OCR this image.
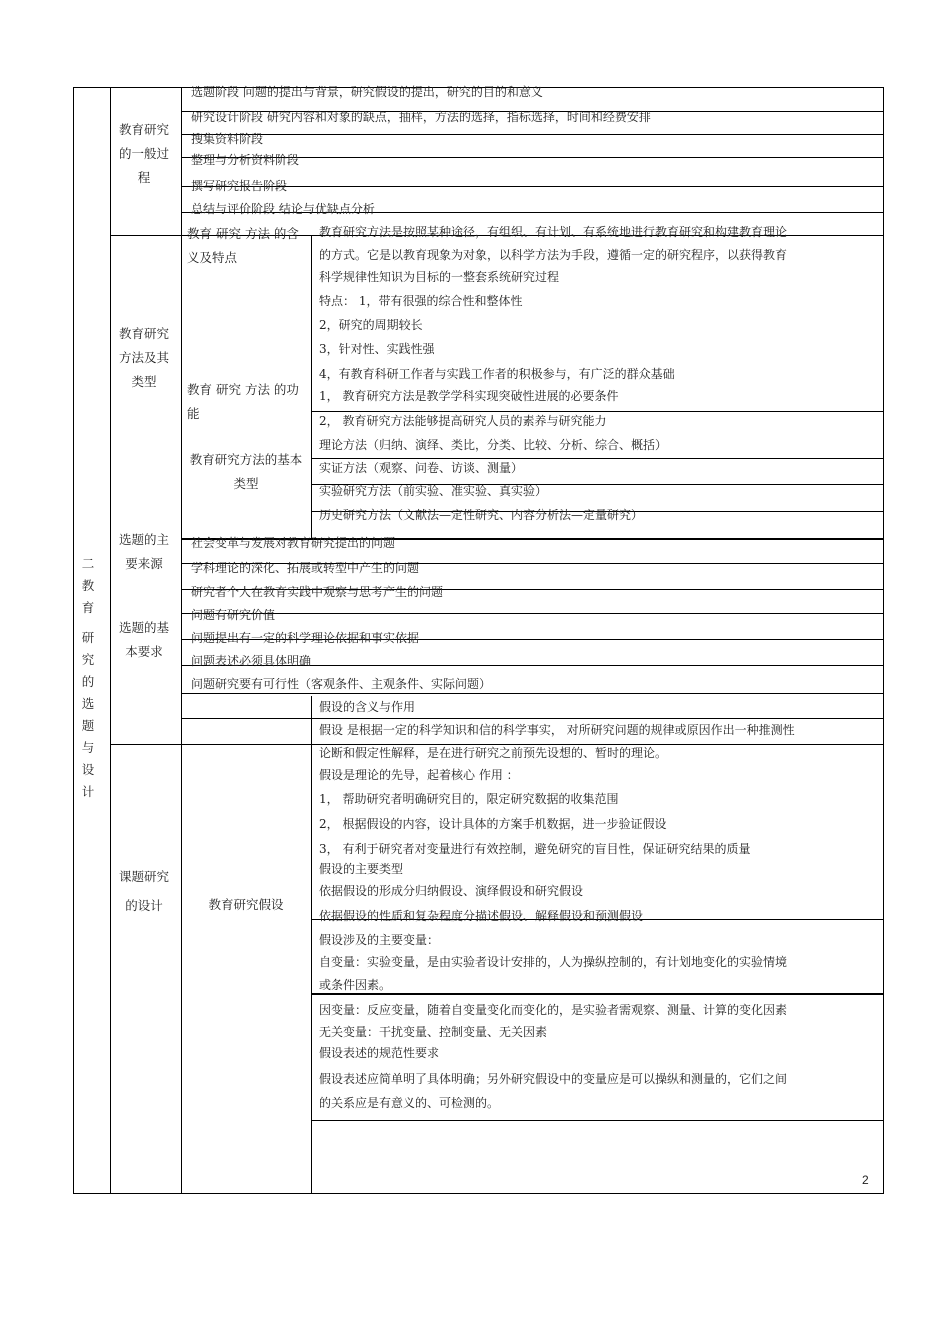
二
教
育
研
究
的
选
题
与
设
计
教育研究的一般过程
教育研究方法及其类型
选题的主要来源
选题的基本要求
课题研究的设计
教育 研究 方法 的含义及特点
教育 研究 方法 的功能
教育研究方法的基本类型
教育研究假设
选题阶段 问题的提出与背景，研究假设的提出，研究的目的和意义
研究设计阶段 研究内容和对象的缺点，抽样，方法的选择，指标选择，时间和经费安排
搜集资料阶段
整理与分析资料阶段
撰写研究报告阶段
总结与评价阶段 结论与优缺点分析
教育研究方法是按照某种途径，有组织、有计划、有系统地进行教育研究和构建教育理论
的方式。它是以教育现象为对象，以科学方法为手段，遵循一定的研究程序，以获得教育
科学规律性知识为目标的一整套系统研究过程
特点： 1，带有很强的综合性和整体性
2，研究的周期较长
3，针对性、实践性强
4，有教育科研工作者与实践工作者的积极参与，有广泛的群众基础
1， 教育研究方法是教学学科实现突破性进展的必要条件
2， 教育研究方法能够提高研究人员的素养与研究能力
理论方法（归纳、演绎、类比，分类、比较、分析、综合、概括）
实证方法（观察、问卷、访谈、测量）
实验研究方法（前实验、准实验、真实验）
历史研究方法（文献法—定性研究、内容分析法—定量研究）
社会变革与发展对教育研究提出的问题
学科理论的深化、拓展或转型中产生的问题
研究者个人在教育实践中观察与思考产生的问题
问题有研究价值
问题提出有一定的科学理论依据和事实依据
问题表述必须具体明确
问题研究要有可行性（客观条件、主观条件、实际问题）
假设的含义与作用
假设 是根据一定的科学知识和信的科学事实， 对所研究问题的规律或原因作出一种推测性
论断和假定性解释，是在进行研究之前预先设想的、暂时的理论。
假设是理论的先导，起着核心 作用 ：
1， 帮助研究者明确研究目的，限定研究数据的收集范围
2， 根据假设的内容，设计具体的方案手机数据，进一步验证假设
3， 有利于研究者对变量进行有效控制，避免研究的盲目性，保证研究结果的质量
假设的主要类型
依据假设的形成分归纳假设、演绎假设和研究假设
依据假设的性质和复杂程度分描述假设、解释假设和预测假设
假设涉及的主要变量：
自变量：实验变量，是由实验者设计安排的，人为操纵控制的，有计划地变化的实验情境
或条件因素。
因变量：反应变量，随着自变量变化而变化的，是实验者需观察、测量、计算的变化因素
无关变量：干扰变量、控制变量、无关因素
假设表述的规范性要求
假设表述应简单明了具体明确；另外研究假设中的变量应是可以操纵和测量的，它们之间
的关系应是有意义的、可检测的。
2
